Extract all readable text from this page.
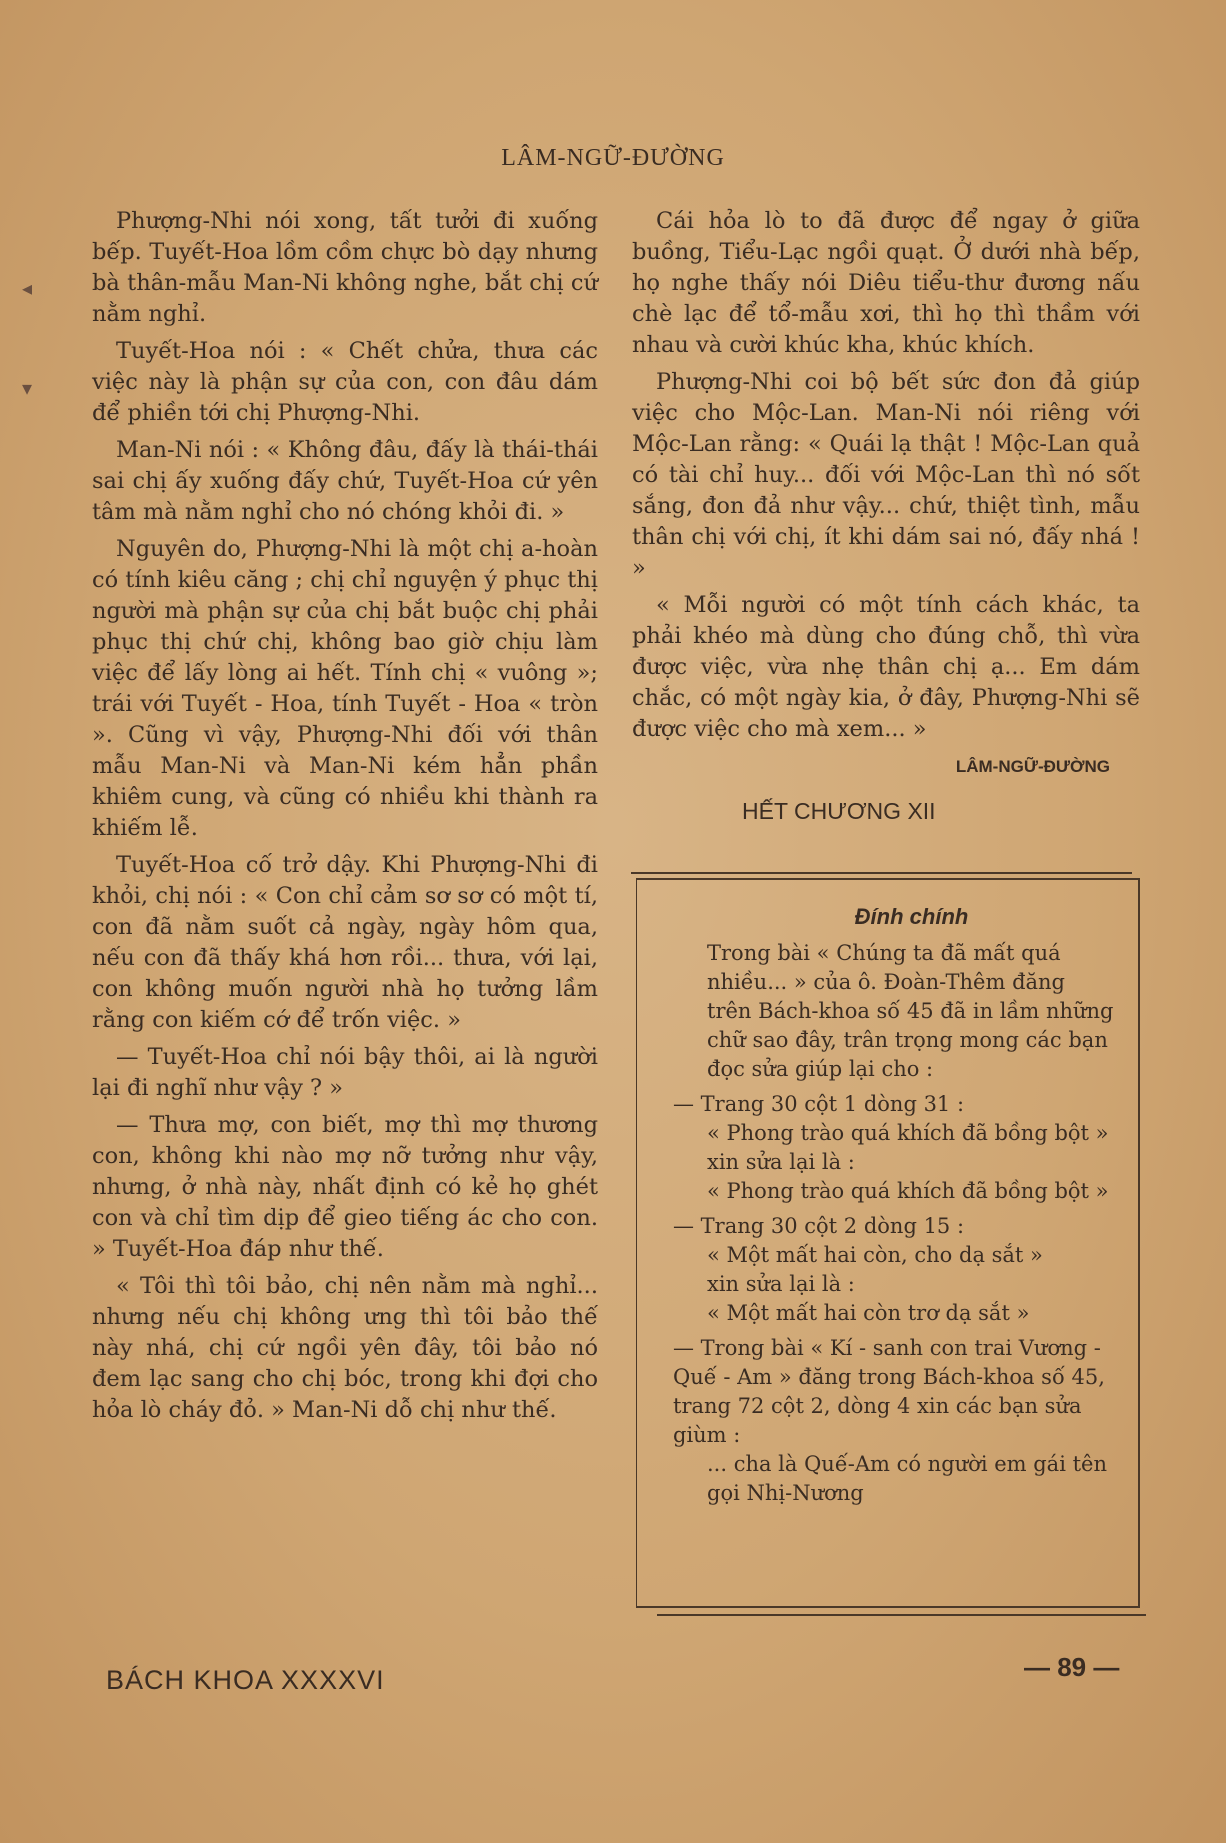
◂
▾
LÂM-NGỮ-ĐƯỜNG

Phượng-Nhi nói xong, tất tưởi đi xuống bếp. Tuyết-Hoa lồm cồm chực bò dạy nhưng bà thân-mẫu Man-Ni không nghe, bắt chị cứ nằm nghỉ.

Tuyết-Hoa nói : « Chết chửa, thưa các việc này là phận sự của con, con đâu dám để phiền tới chị Phượng-Nhi.

Man-Ni nói : « Không đâu, đấy là thái-thái sai chị ấy xuống đấy chứ, Tuyết-Hoa cứ yên tâm mà nằm nghỉ cho nó chóng khỏi đi. »

Nguyên do, Phượng-Nhi là một chị a-hoàn có tính kiêu căng ; chị chỉ nguyện ý phục thị người mà phận sự của chị bắt buộc chị phải phục thị chứ chị, không bao giờ chịu làm việc để lấy lòng ai hết. Tính chị « vuông »; trái với Tuyết - Hoa, tính Tuyết - Hoa « tròn ». Cũng vì vậy, Phượng-Nhi đối với thân mẫu Man-Ni và Man-Ni kém hẳn phần khiêm cung, và cũng có nhiều khi thành ra khiếm lễ.

Tuyết-Hoa cố trở dậy. Khi Phượng-Nhi đi khỏi, chị nói : « Con chỉ cảm sơ sơ có một tí, con đã nằm suốt cả ngày, ngày hôm qua, nếu con đã thấy khá hơn rồi... thưa, với lại, con không muốn người nhà họ tưởng lầm rằng con kiếm cớ để trốn việc. »

— Tuyết-Hoa chỉ nói bậy thôi, ai là người lại đi nghĩ như vậy ? »

— Thưa mợ, con biết, mợ thì mợ thương con, không khi nào mợ nỡ tưởng như vậy, nhưng, ở nhà này, nhất định có kẻ họ ghét con và chỉ tìm dịp để gieo tiếng ác cho con. » Tuyết-Hoa đáp như thế.

« Tôi thì tôi bảo, chị nên nằm mà nghỉ... nhưng nếu chị không ưng thì tôi bảo thế này nhá, chị cứ ngồi yên đây, tôi bảo nó đem lạc sang cho chị bóc, trong khi đợi cho hỏa lò cháy đỏ. » Man-Ni dỗ chị như thế.

Cái hỏa lò to đã được để ngay ở giữa buồng, Tiểu-Lạc ngồi quạt. Ở dưới nhà bếp, họ nghe thấy nói Diêu tiểu-thư đương nấu chè lạc để tổ-mẫu xơi, thì họ thì thầm với nhau và cười khúc kha, khúc khích.

Phượng-Nhi coi bộ bết sức đon đả giúp việc cho Mộc-Lan. Man-Ni nói riêng với Mộc-Lan rằng: « Quái lạ thật ! Mộc-Lan quả có tài chỉ huy... đối với Mộc-Lan thì nó sốt sắng, đon đả như vậy... chứ, thiệt tình, mẫu thân chị với chị, ít khi dám sai nó, đấy nhá ! »

« Mỗi người có một tính cách khác, ta phải khéo mà dùng cho đúng chỗ, thì vừa được việc, vừa nhẹ thân chị ạ... Em dám chắc, có một ngày kia, ở đây, Phượng-Nhi sẽ được việc cho mà xem... »

LÂM-NGỮ-ĐƯỜNG
HẾT CHƯƠNG XII
Đính chính

Trong bài « Chúng ta đã mất quá nhiều... » của ô. Đoàn-Thêm đăng trên Bách-khoa số 45 đã in lầm những chữ sao đây, trân trọng mong các bạn đọc sửa giúp lại cho :

— Trang 30 cột 1 dòng 31 :

« Phong trào quá khích đã bồng bột »

xin sửa lại là :

« Phong trào quá khích đã bồng bột »

— Trang 30 cột 2 dòng 15 :

« Một mất hai còn, cho dạ sắt »

xin sửa lại là :

« Một mất hai còn trơ dạ sắt »

— Trong bài « Kí - sanh con trai Vương - Quế - Am » đăng trong Bách-khoa số 45, trang 72 cột 2, dòng 4 xin các bạn sửa giùm :

... cha là Quế-Am có người em gái tên gọi Nhị-Nương

BÁCH KHOA XXXXVI	— 89 —
